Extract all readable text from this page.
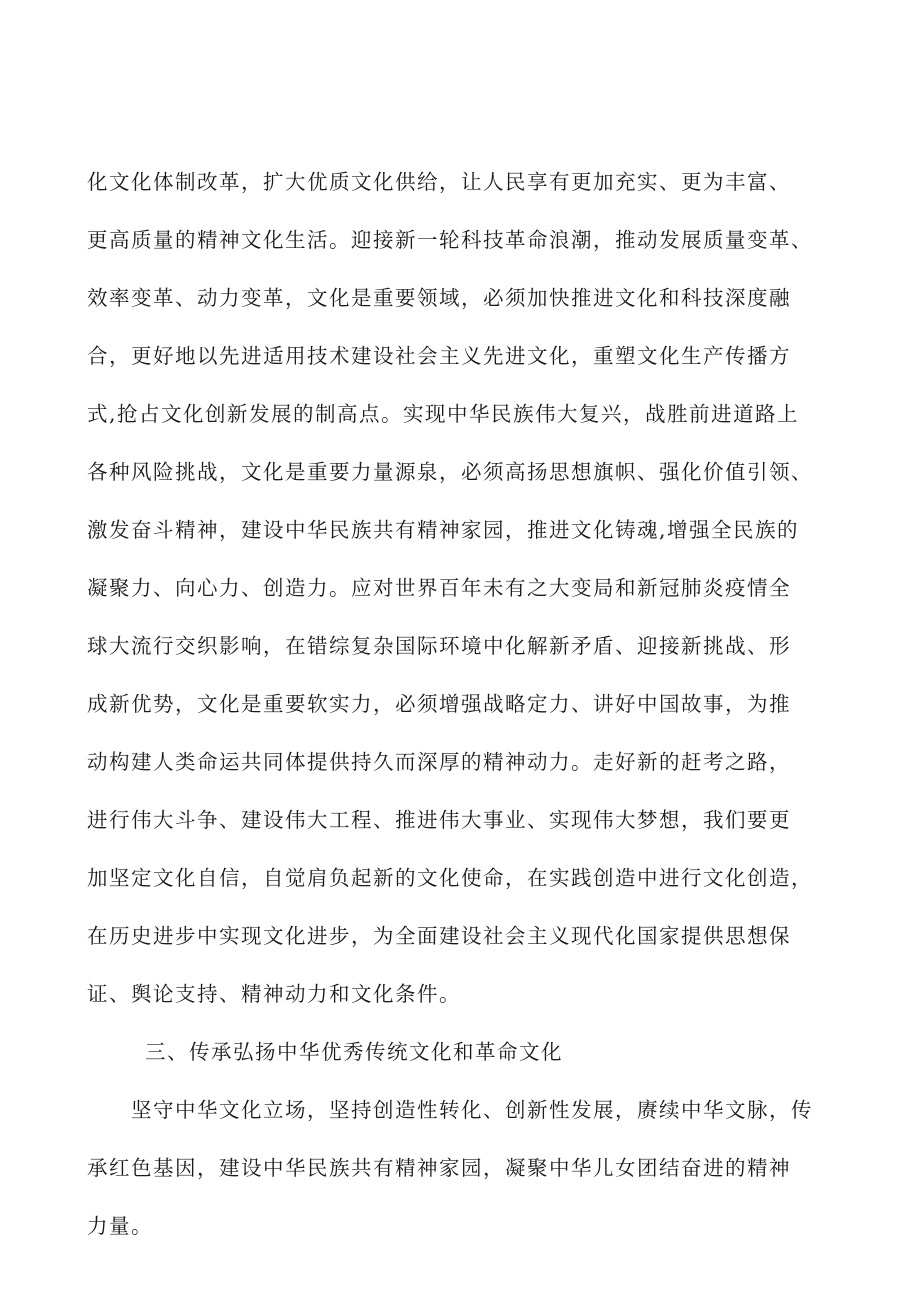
化文化体制改革，扩大优质文化供给，让人民享有更加充实、更为丰富、
更高质量的精神文化生活。迎接新一轮科技革命浪潮，推动发展质量变革、
效率变革、动力变革，文化是重要领域，必须加快推进文化和科技深度融
合，更好地以先进适用技术建设社会主义先进文化，重塑文化生产传播方
式,抢占文化创新发展的制高点。实现中华民族伟大复兴，战胜前进道路上
各种风险挑战，文化是重要力量源泉，必须高扬思想旗帜、强化价值引领、
激发奋斗精神，建设中华民族共有精神家园，推进文化铸魂,增强全民族的
凝聚力、向心力、创造力。应对世界百年未有之大变局和新冠肺炎疫情全
球大流行交织影响，在错综复杂国际环境中化解新矛盾、迎接新挑战、形
成新优势，文化是重要软实力，必须增强战略定力、讲好中国故事，为推
动构建人类命运共同体提供持久而深厚的精神动力。走好新的赶考之路，
进行伟大斗争、建设伟大工程、推进伟大事业、实现伟大梦想，我们要更
加坚定文化自信，自觉肩负起新的文化使命，在实践创造中进行文化创造，
在历史进步中实现文化进步，为全面建设社会主义现代化国家提供思想保
证、舆论支持、精神动力和文化条件。
三、传承弘扬中华优秀传统文化和革命文化
坚守中华文化立场，坚持创造性转化、创新性发展，赓续中华文脉，传
承红色基因，建设中华民族共有精神家园，凝聚中华儿女团结奋进的精神
力量。
